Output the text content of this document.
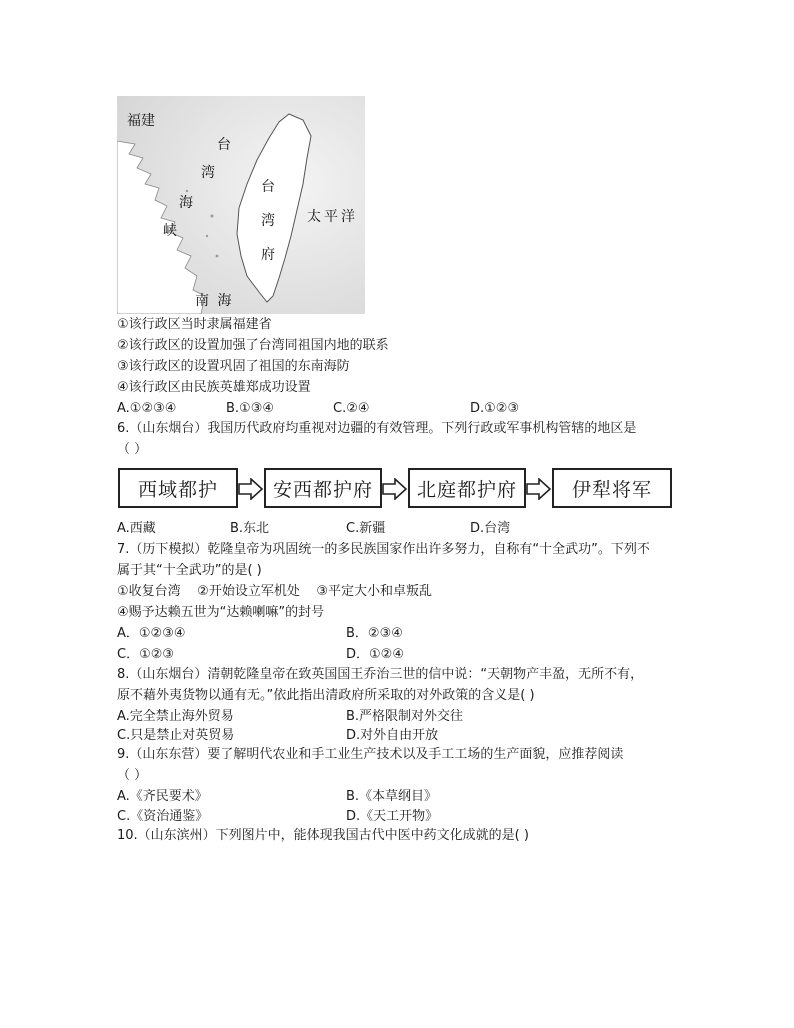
福建
台
湾
海
峡
台
湾
府
太平洋
南 海
①该行政区当时隶属福建省
②该行政区的设置加强了台湾同祖国内地的联系
③该行政区的设置巩固了祖国的东南海防
④该行政区由民族英雄郑成功设置
A.①②③④	B.①③④	C.②④	D.①②③
6.（山东烟台）我国历代政府均重视对边疆的有效管理。下列行政或军事机构管辖的地区是
（ ）
西域都护	安西都护府	北庭都护府	伊犁将军
A.西藏	B.东北	C.新疆	D.台湾
7.（历下模拟）乾隆皇帝为巩固统一的多民族国家作出许多努力，自称有“十全武功”。下列不
属于其“十全武功”的是( )
①收复台湾    ②开始设立军机处    ③平定大小和卓叛乱
④赐予达赖五世为“达赖喇嘛”的封号
A．①②③④	B．②③④
C．①②③	D．①②④
8.（山东烟台）清朝乾隆皇帝在致英国国王乔治三世的信中说：“天朝物产丰盈，无所不有，
原不藉外夷货物以通有无。”依此指出清政府所采取的对外政策的含义是( )
A.完全禁止海外贸易	B.严格限制对外交往
C.只是禁止对英贸易	D.对外自由开放
9.（山东东营）要了解明代农业和手工业生产技术以及手工工场的生产面貌，应推荐阅读
（ ）
A.《齐民要术》	B.《本草纲目》
C.《资治通鉴》	D.《天工开物》
10.（山东滨州）下列图片中，能体现我国古代中医中药文化成就的是( )
